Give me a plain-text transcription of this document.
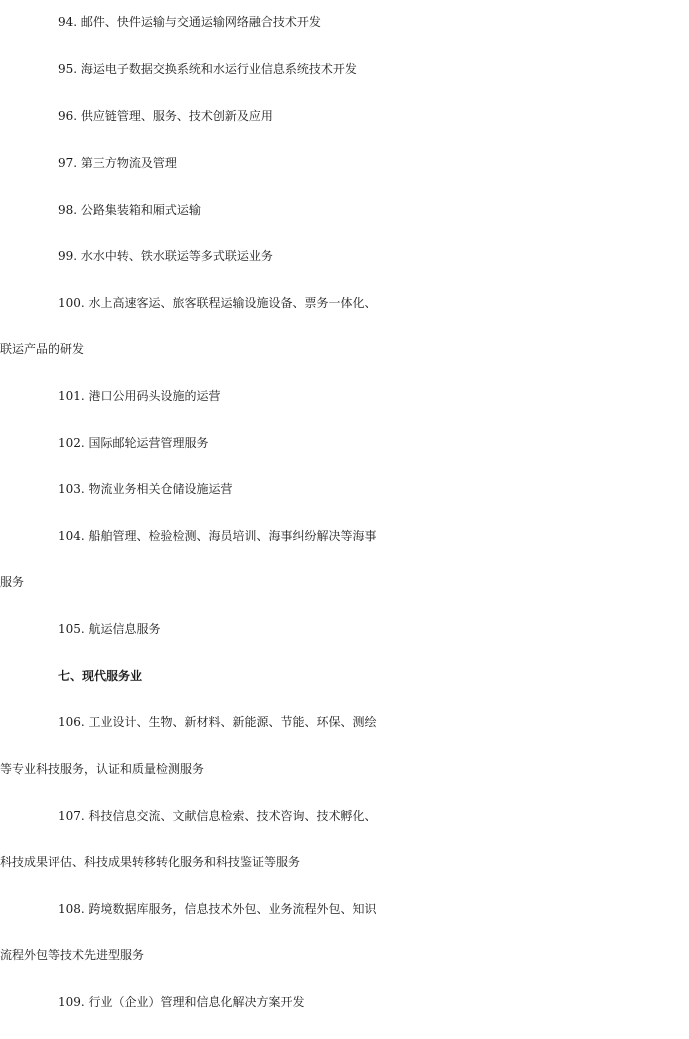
94. 邮件、快件运输与交通运输网络融合技术开发
95. 海运电子数据交换系统和水运行业信息系统技术开发
96. 供应链管理、服务、技术创新及应用
97. 第三方物流及管理
98. 公路集装箱和厢式运输
99. 水水中转、铁水联运等多式联运业务
100. 水上高速客运、旅客联程运输设施设备、票务一体化、
联运产品的研发
101. 港口公用码头设施的运营
102. 国际邮轮运营管理服务
103. 物流业务相关仓储设施运营
104. 船舶管理、检验检测、海员培训、海事纠纷解决等海事
服务
105. 航运信息服务
七、现代服务业
106. 工业设计、生物、新材料、新能源、节能、环保、测绘
等专业科技服务，认证和质量检测服务
107. 科技信息交流、文献信息检索、技术咨询、技术孵化、
科技成果评估、科技成果转移转化服务和科技鉴证等服务
108. 跨境数据库服务，信息技术外包、业务流程外包、知识
流程外包等技术先进型服务
109. 行业（企业）管理和信息化解决方案开发
